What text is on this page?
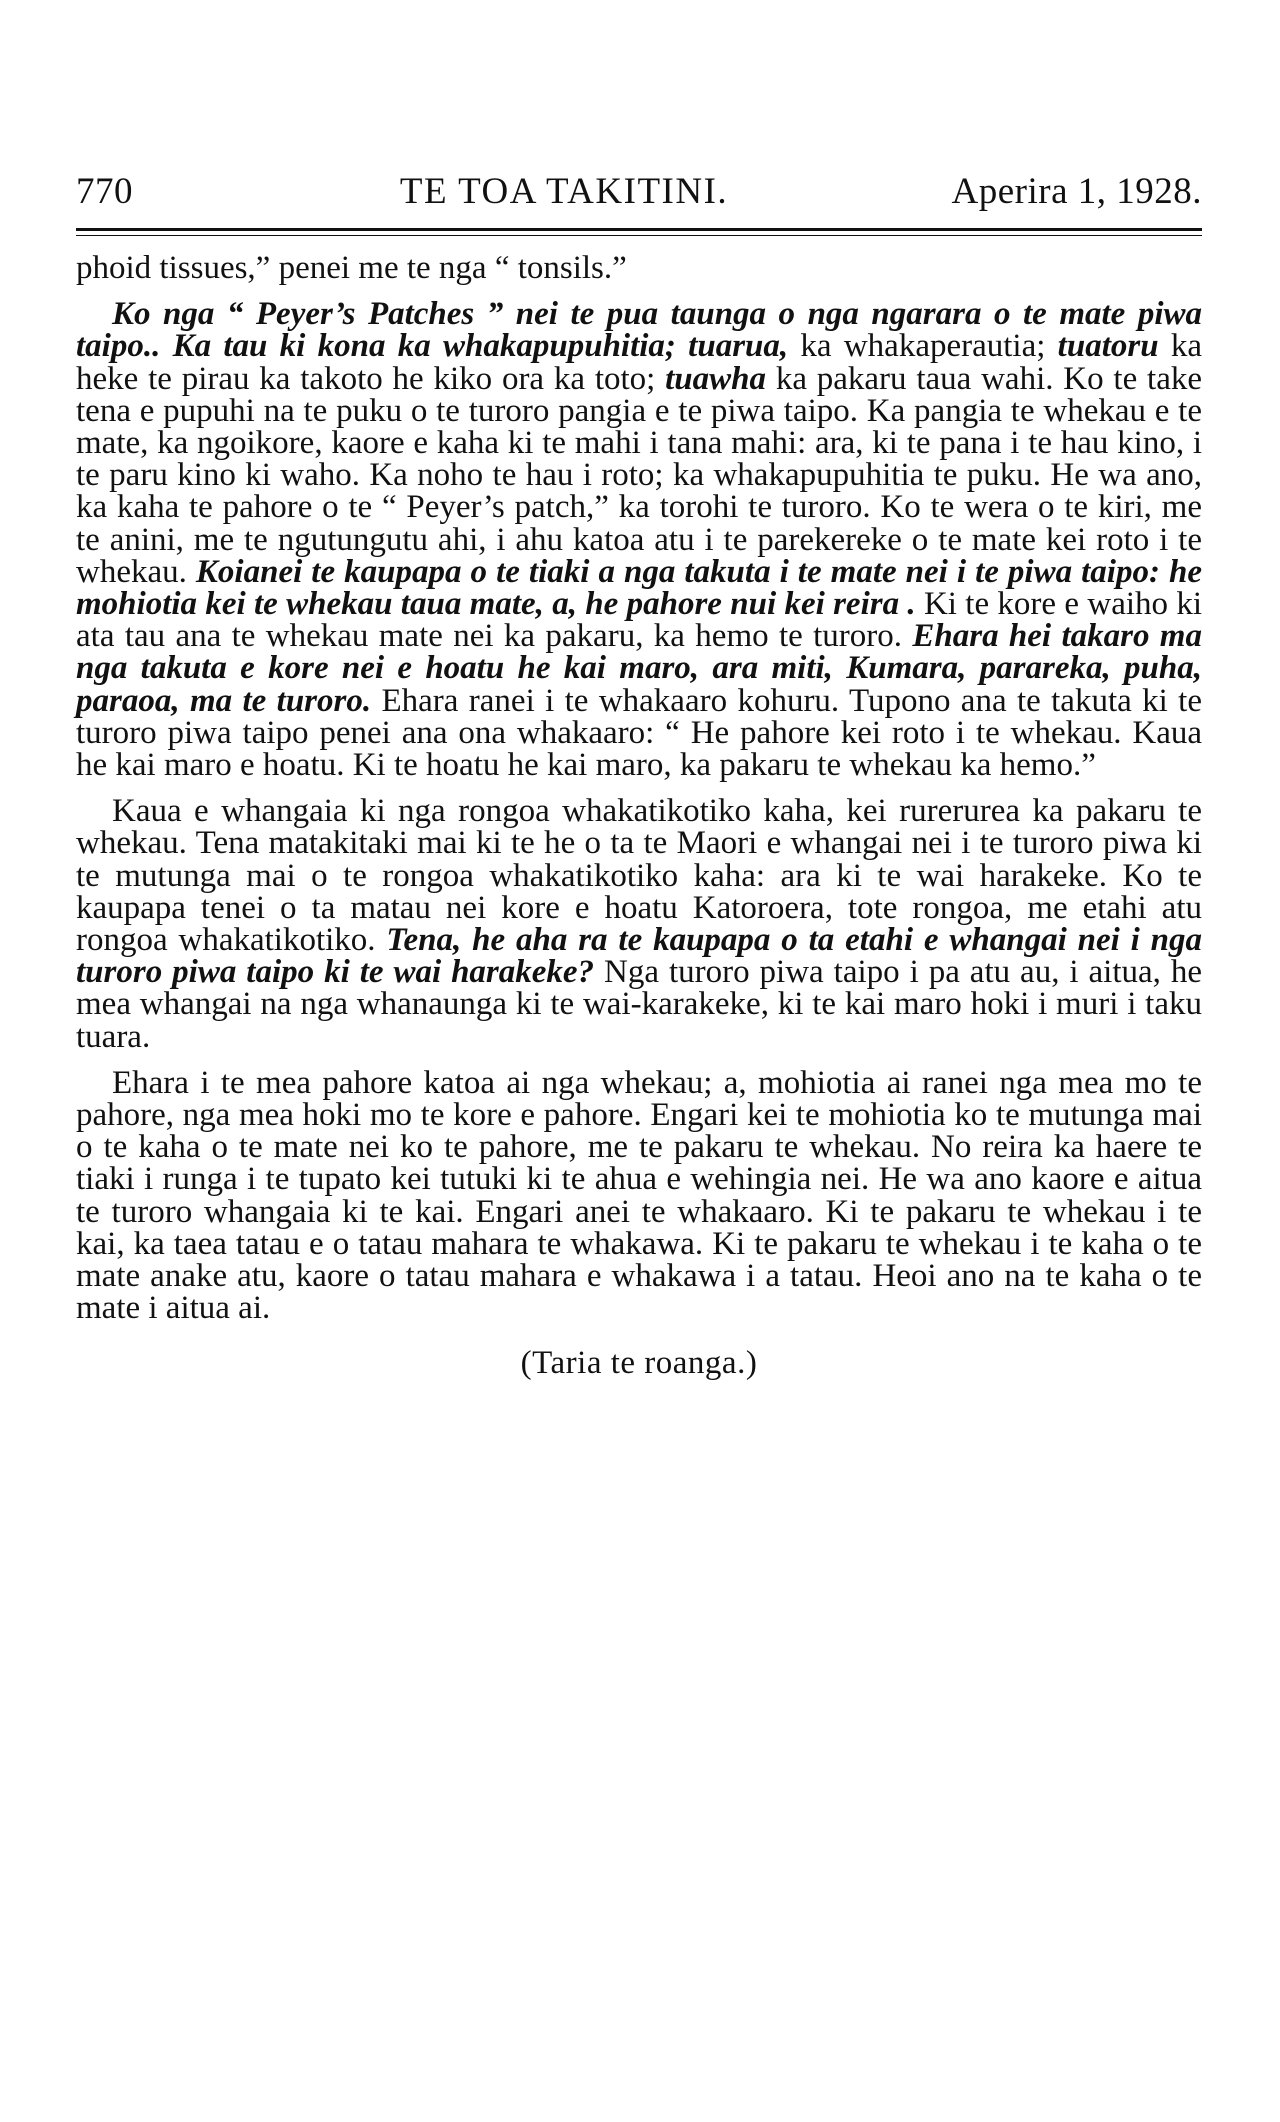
770	TE TOA TAKITINI.	Aperira 1, 1928.

phoid tissues,” penei me te nga “ tonsils.”

Ko nga “ Peyer’s Patches ” nei te pua taunga o nga ngarara o te mate piwa taipo.. Ka tau ki kona ka whakapupuhitia; tuarua, ka whakaperautia; tuatoru ka heke te pirau ka takoto he kiko ora ka toto; tuawha ka pakaru taua wahi. Ko te take tena e pupuhi na te puku o te turoro pangia e te piwa taipo. Ka pangia te whekau e te mate, ka ngoikore, kaore e kaha ki te mahi i tana mahi: ara, ki te pana i te hau kino, i te paru kino ki waho. Ka noho te hau i roto; ka whakapupuhitia te puku. He wa ano, ka kaha te pahore o te “ Peyer’s patch,” ka torohi te turoro. Ko te wera o te kiri, me te anini, me te ngutungutu ahi, i ahu katoa atu i te parekereke o te mate kei roto i te whekau. Koianei te kaupapa o te tiaki a nga takuta i te mate nei i te piwa taipo: he mohiotia kei te whekau taua mate, a, he pahore nui kei reira . Ki te kore e waiho ki ata tau ana te whekau mate nei ka pakaru, ka hemo te turoro. Ehara hei takaro ma nga takuta e kore nei e hoatu he kai maro, ara miti, Kumara, parareka, puha, paraoa, ma te turoro. Ehara ranei i te whakaaro kohuru. Tupono ana te takuta ki te turoro piwa taipo penei ana ona whakaaro: “ He pahore kei roto i te whekau. Kaua he kai maro e hoatu. Ki te hoatu he kai maro, ka pakaru te whekau ka hemo.”

Kaua e whangaia ki nga rongoa whakatikotiko kaha, kei rurerurea ka pakaru te whekau. Tena matakitaki mai ki te he o ta te Maori e whangai nei i te turoro piwa ki te mutunga mai o te rongoa whakatikotiko kaha: ara ki te wai harakeke. Ko te kaupapa tenei o ta matau nei kore e hoatu Katoroera, tote rongoa, me etahi atu rongoa whakatikotiko. Tena, he aha ra te kaupapa o ta etahi e whangai nei i nga turoro piwa taipo ki te wai harakeke? Nga turoro piwa taipo i pa atu au, i aitua, he mea whangai na nga whanaunga ki te wai-karakeke, ki te kai maro hoki i muri i taku tuara.

Ehara i te mea pahore katoa ai nga whekau; a, mohiotia ai ranei nga mea mo te pahore, nga mea hoki mo te kore e pahore. Engari kei te mohiotia ko te mutunga mai o te kaha o te mate nei ko te pahore, me te pakaru te whekau. No reira ka haere te tiaki i runga i te tupato kei tutuki ki te ahua e wehingia nei. He wa ano kaore e aitua te turoro whangaia ki te kai. Engari anei te whakaaro. Ki te pakaru te whekau i te kai, ka taea tatau e o tatau mahara te whakawa. Ki te pakaru te whekau i te kaha o te mate anake atu, kaore o tatau mahara e whakawa i a tatau. Heoi ano na te kaha o te mate i aitua ai.

(Taria te roanga.)
